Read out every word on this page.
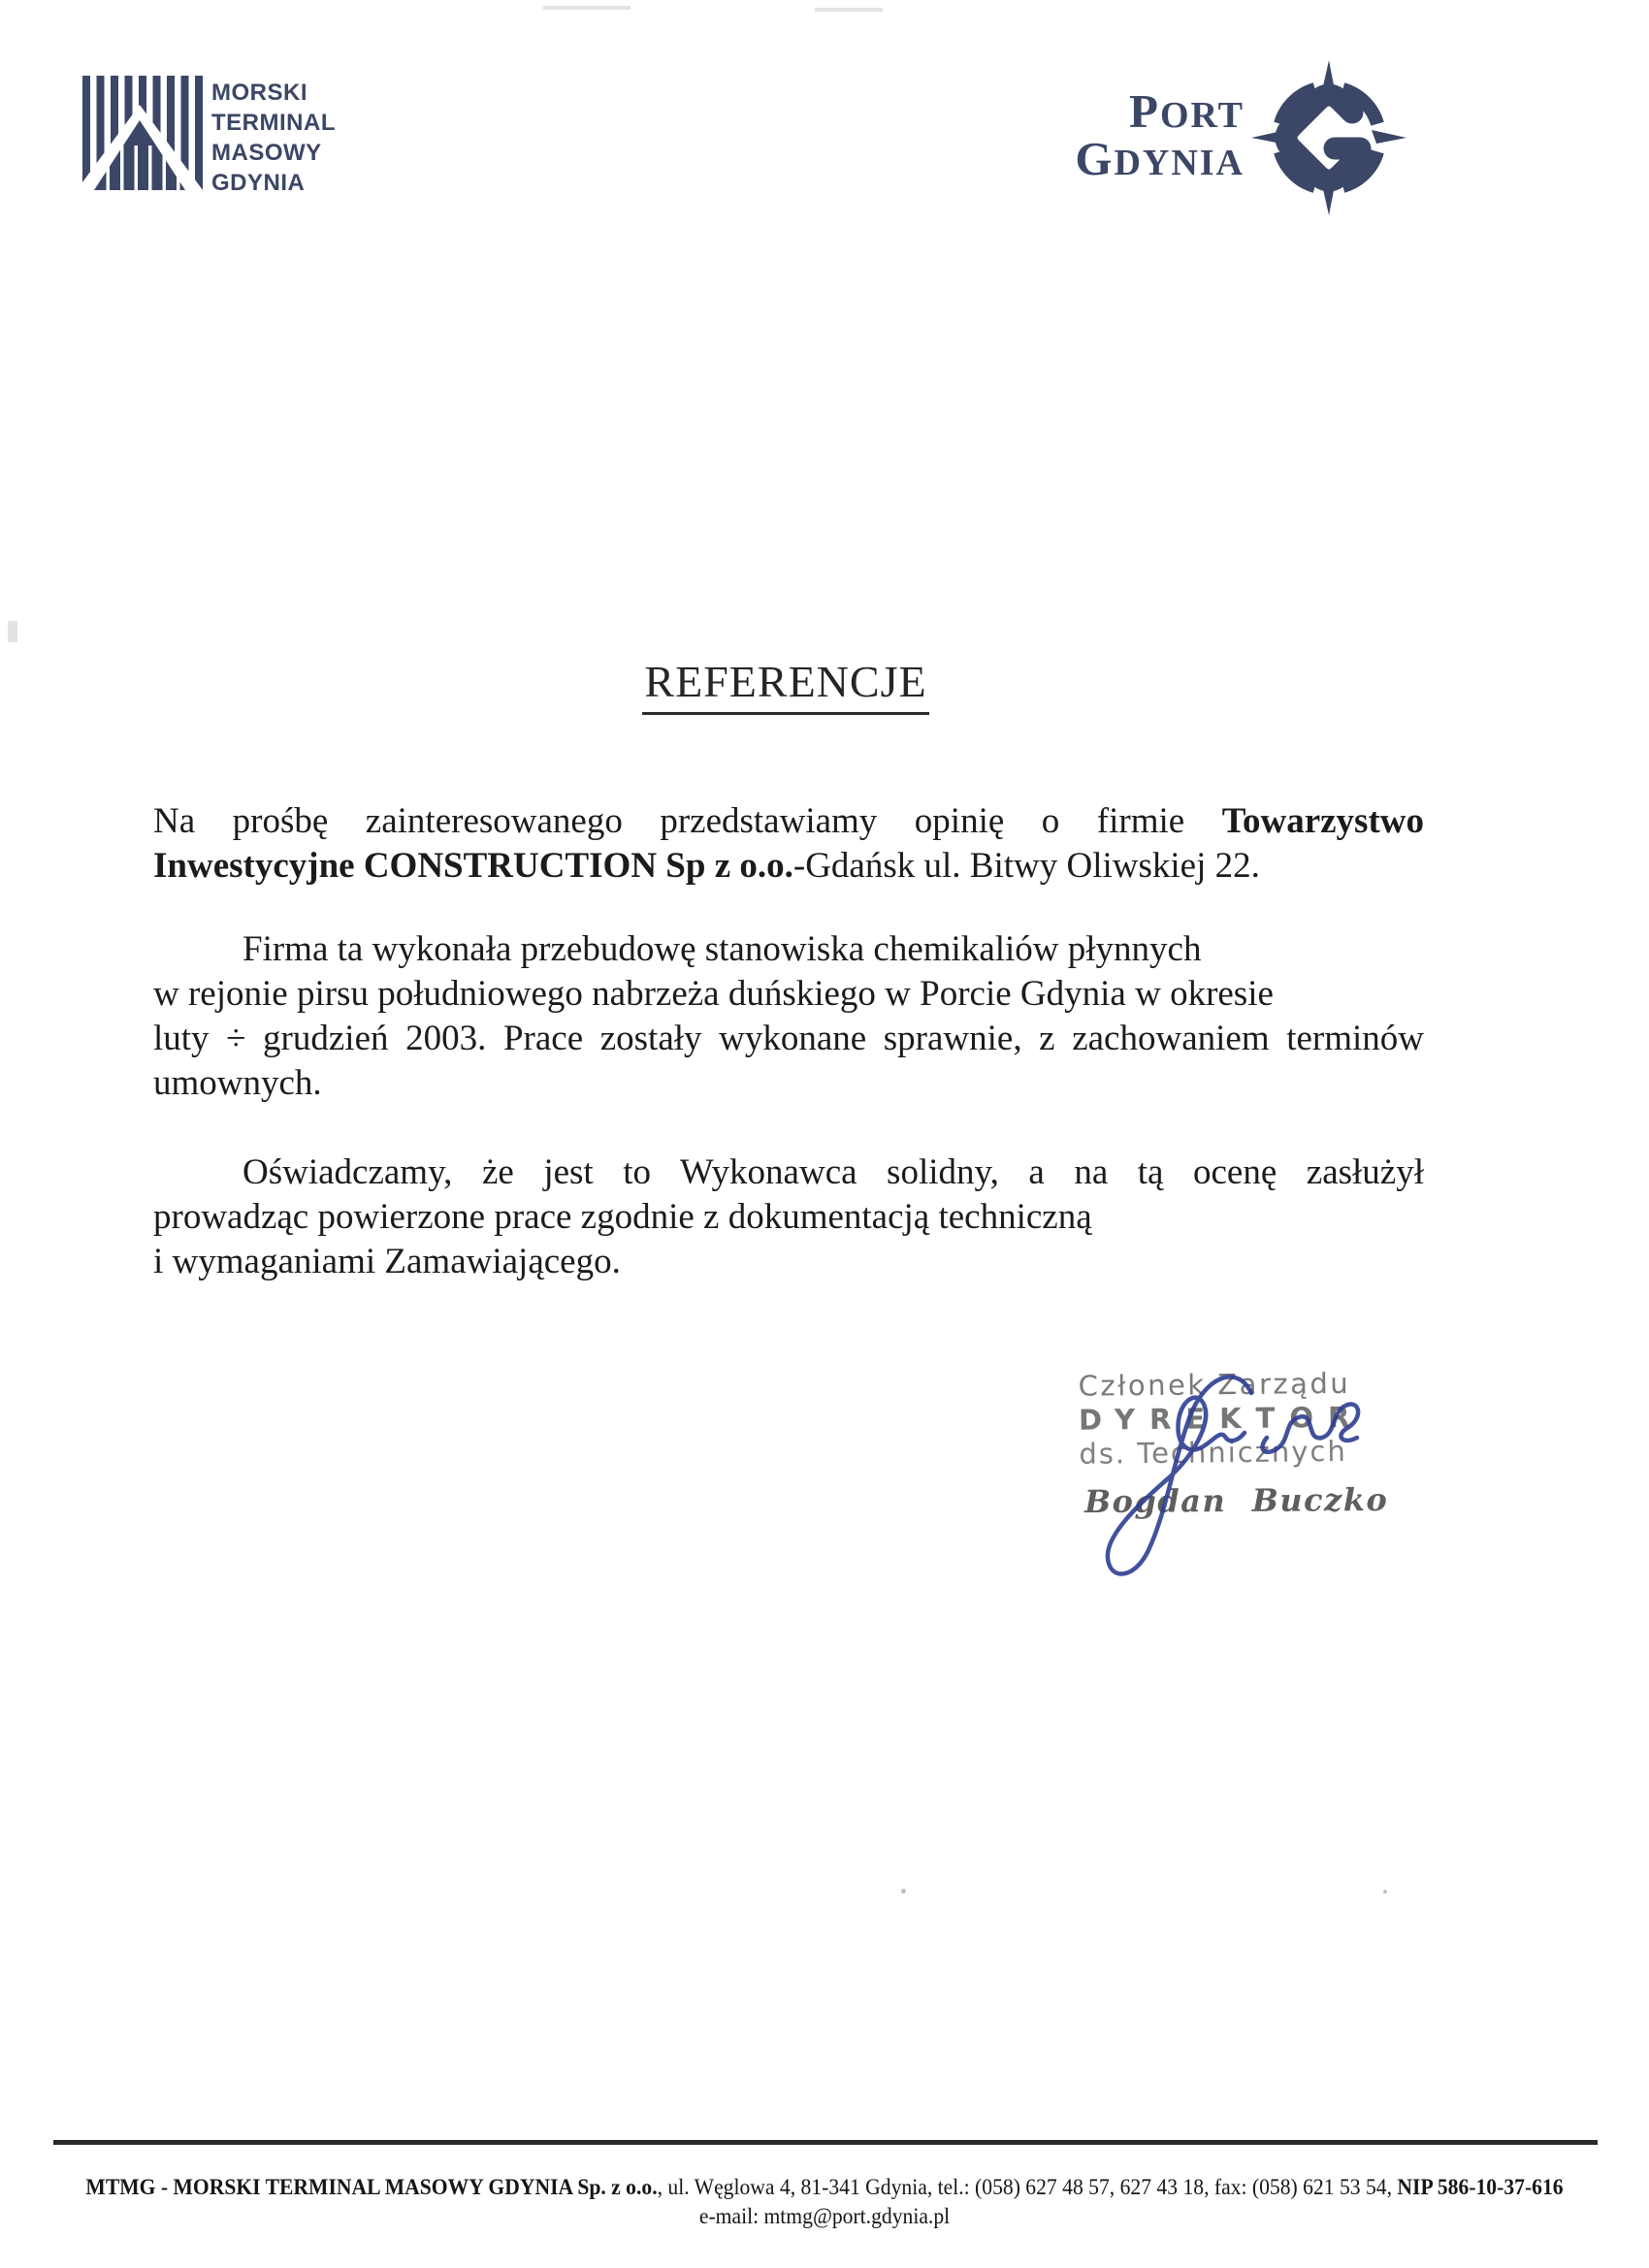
MORSKI
TERMINAL
MASOWY
GDYNIA
PORT
GDYNIA
REFERENCJE
Na prośbę zainteresowanego przedstawiamy opinię o firmie Towarzystwo
Inwestycyjne CONSTRUCTION Sp z o.o.-Gdańsk ul. Bitwy Oliwskiej 22.
Firma ta wykonała przebudowę stanowiska chemikaliów płynnych
w rejonie pirsu południowego nabrzeża duńskiego w Porcie Gdynia w okresie
luty ÷ grudzień 2003. Prace zostały wykonane sprawnie, z zachowaniem terminów
umownych.
Oświadczamy, że jest to Wykonawca solidny, a na tą ocenę zasłużył
prowadząc powierzone prace zgodnie z dokumentacją techniczną
i wymaganiami Zamawiającego.
Członek Zarządu
DYREKTOR
ds. Technicznych
Bogdan Buczko
MTMG - MORSKI TERMINAL MASOWY GDYNIA Sp. z o.o., ul. Węglowa 4, 81-341 Gdynia, tel.: (058) 627 48 57, 627 43 18, fax: (058) 621 53 54, NIP 586-10-37-616
e-mail: mtmg@port.gdynia.pl
